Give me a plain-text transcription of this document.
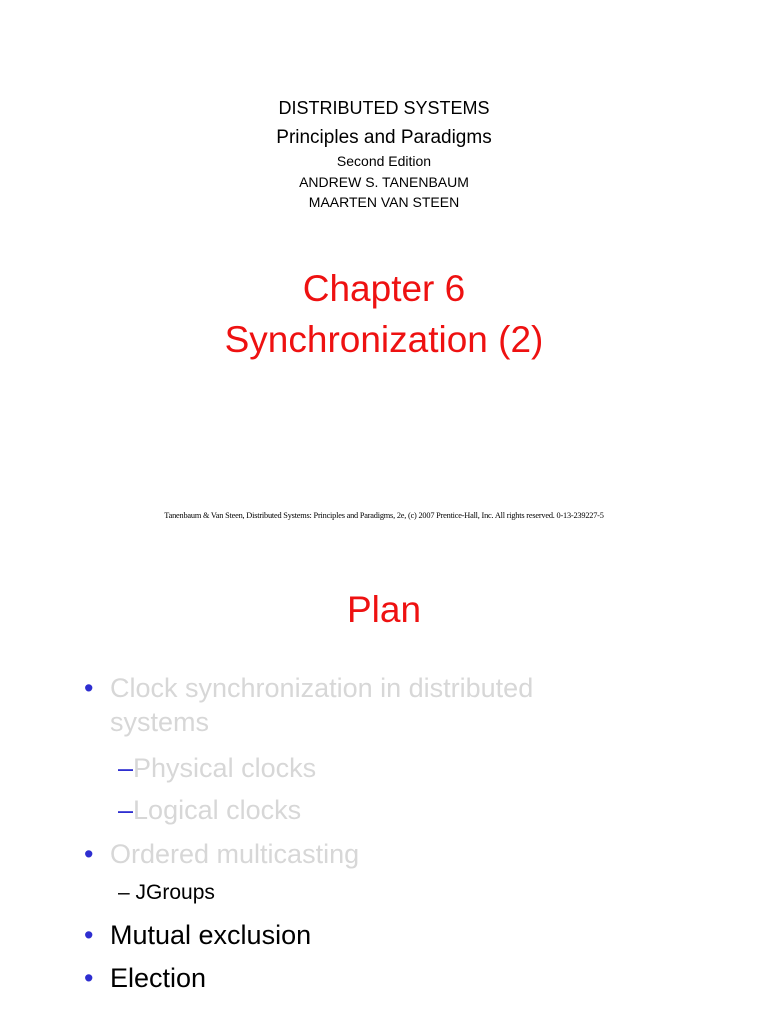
DISTRIBUTED SYSTEMS
Principles and Paradigms
Second Edition
ANDREW S. TANENBAUM
MAARTEN VAN STEEN
Chapter 6
Synchronization (2)
Tanenbaum & Van Steen, Distributed Systems: Principles and Paradigms, 2e, (c) 2007 Prentice-Hall, Inc. All rights reserved. 0-13-239227-5
Plan
• Clock synchronization in distributed
systems
–Physical clocks
–Logical clocks
• Ordered multicasting
– JGroups
• Mutual exclusion
• Election
